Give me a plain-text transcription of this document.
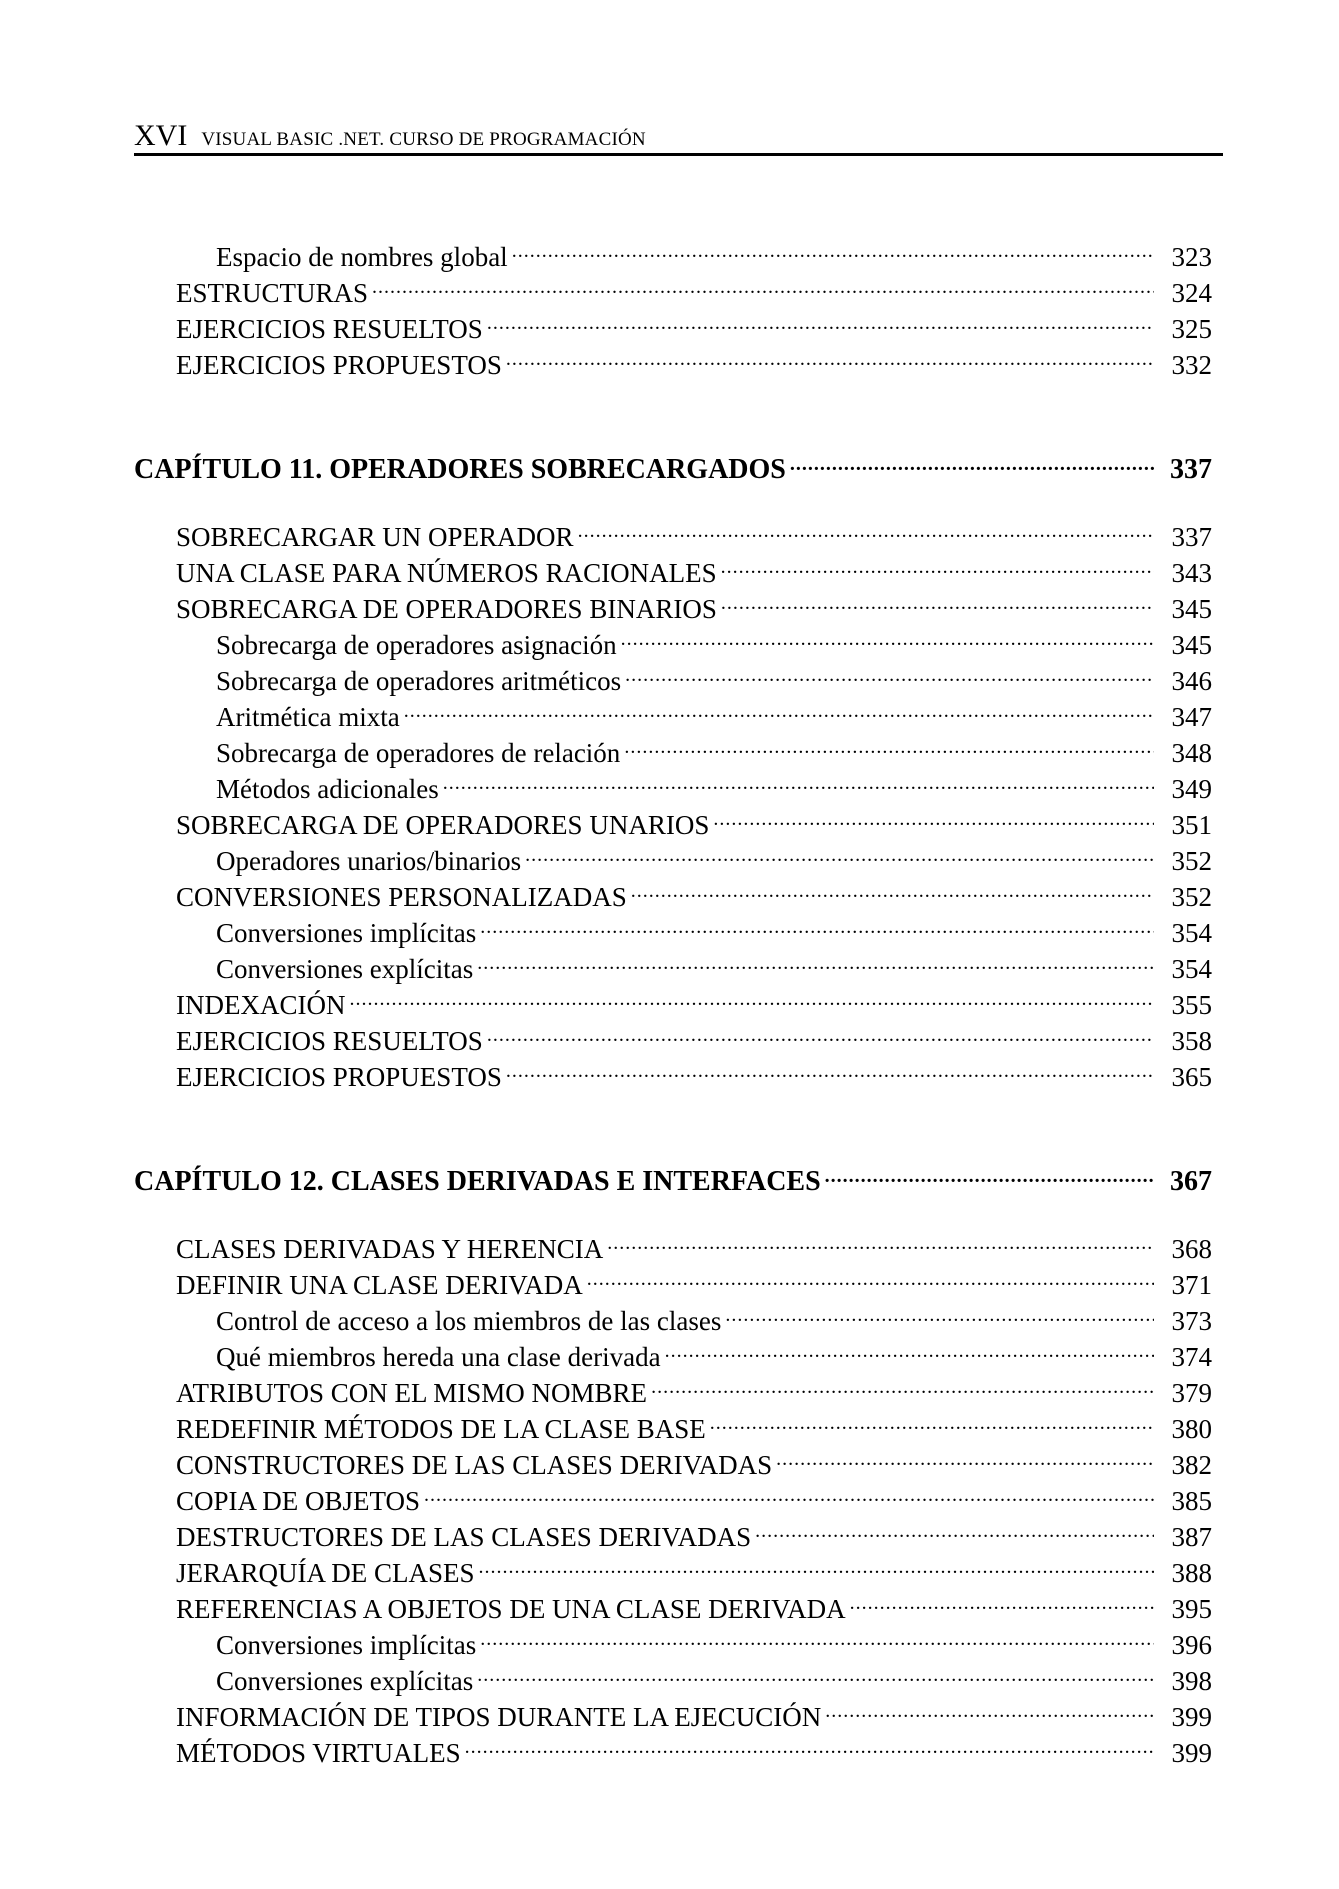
XVI VISUAL BASIC .NET. CURSO DE PROGRAMACIÓN
Espacio de nombres global .....	323
ESTRUCTURAS .....	324
EJERCICIOS RESUELTOS .....	325
EJERCICIOS PROPUESTOS .....	332
CAPÍTULO 11. OPERADORES SOBRECARGADOS .....	337
SOBRECARGAR UN OPERADOR .....	337
UNA CLASE PARA NÚMEROS RACIONALES .....	343
SOBRECARGA DE OPERADORES BINARIOS .....	345
Sobrecarga de operadores asignación .....	345
Sobrecarga de operadores aritméticos .....	346
Aritmética mixta .....	347
Sobrecarga de operadores de relación .....	348
Métodos adicionales .....	349
SOBRECARGA DE OPERADORES UNARIOS .....	351
Operadores unarios/binarios .....	352
CONVERSIONES PERSONALIZADAS .....	352
Conversiones implícitas .....	354
Conversiones explícitas .....	354
INDEXACIÓN .....	355
EJERCICIOS RESUELTOS .....	358
EJERCICIOS PROPUESTOS .....	365
CAPÍTULO 12. CLASES DERIVADAS E INTERFACES .....	367
CLASES DERIVADAS Y HERENCIA .....	368
DEFINIR UNA CLASE DERIVADA .....	371
Control de acceso a los miembros de las clases .....	373
Qué miembros hereda una clase derivada .....	374
ATRIBUTOS CON EL MISMO NOMBRE .....	379
REDEFINIR MÉTODOS DE LA CLASE BASE .....	380
CONSTRUCTORES DE LAS CLASES DERIVADAS .....	382
COPIA DE OBJETOS .....	385
DESTRUCTORES DE LAS CLASES DERIVADAS .....	387
JERARQUÍA DE CLASES .....	388
REFERENCIAS A OBJETOS DE UNA CLASE DERIVADA .....	395
Conversiones implícitas .....	396
Conversiones explícitas .....	398
INFORMACIÓN DE TIPOS DURANTE LA EJECUCIÓN .....	399
MÉTODOS VIRTUALES .....	399
